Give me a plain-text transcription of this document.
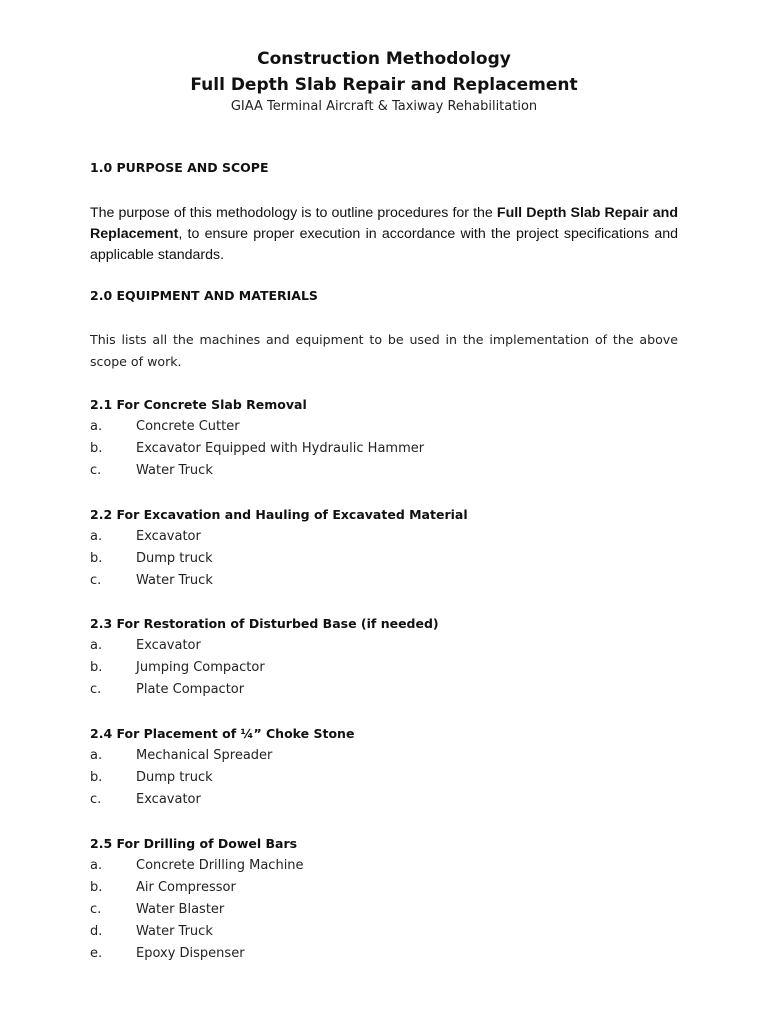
Construction Methodology
Full Depth Slab Repair and Replacement
GIAA Terminal Aircraft & Taxiway Rehabilitation
1.0 PURPOSE AND SCOPE
The purpose of this methodology is to outline procedures for the Full Depth Slab Repair and Replacement, to ensure proper execution in accordance with the project specifications and applicable standards.
2.0 EQUIPMENT AND MATERIALS
This lists all the machines and equipment to be used in the implementation of the above scope of work.
2.1 For Concrete Slab Removal
a.	Concrete Cutter
b.	Excavator Equipped with Hydraulic Hammer
c.	Water Truck
2.2 For Excavation and Hauling of Excavated Material
a.	Excavator
b.	Dump truck
c.	Water Truck
2.3 For Restoration of Disturbed Base (if needed)
a.	Excavator
b.	Jumping Compactor
c.	Plate Compactor
2.4 For Placement of ¼” Choke Stone
a.	Mechanical Spreader
b.	Dump truck
c.	Excavator
2.5 For Drilling of Dowel Bars
a.	Concrete Drilling Machine
b.	Air Compressor
c.	Water Blaster
d.	Water Truck
e.	Epoxy Dispenser
